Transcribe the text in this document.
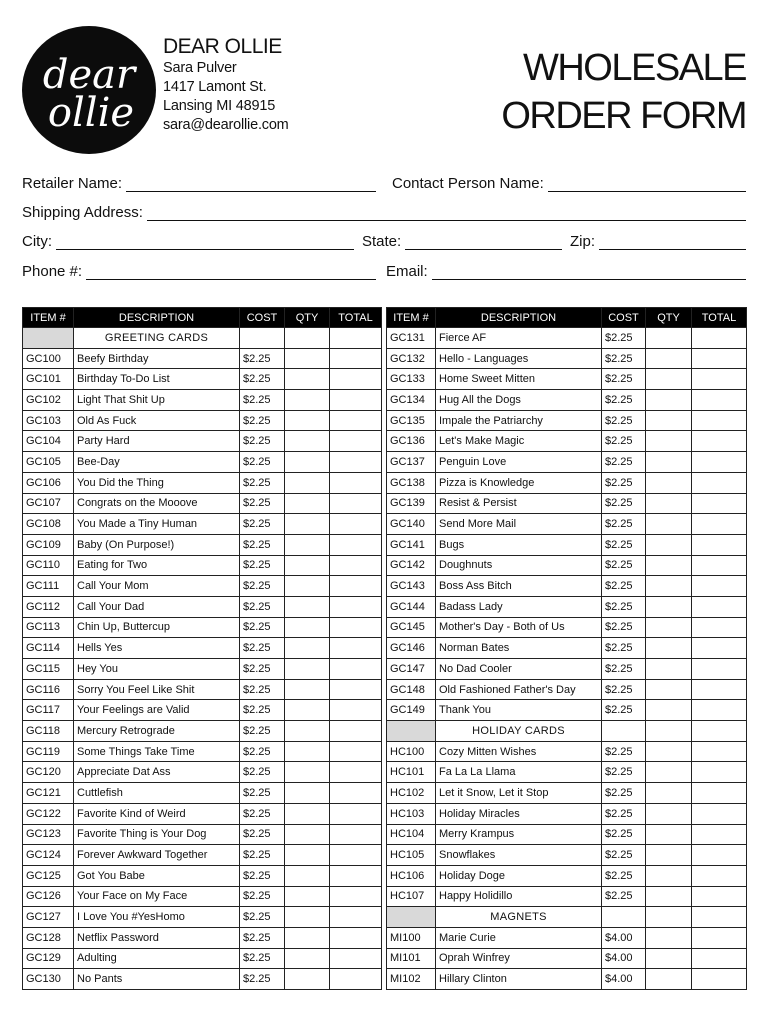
dear
ollie
DEAR OLLIE
Sara Pulver
1417 Lamont St.
Lansing MI 48915
sara@dearollie.com
WHOLESALE
ORDER FORM
Retailer Name:	Contact Person Name:
Shipping Address:
City:	State:	Zip:
Phone #:	Email:
ITEM #	DESCRIPTION	COST	QTY	TOTAL
	GREETING CARDS			
GC100	Beefy Birthday	$2.25		
GC101	Birthday To-Do List	$2.25		
GC102	Light That Shit Up	$2.25		
GC103	Old As Fuck	$2.25		
GC104	Party Hard	$2.25		
GC105	Bee-Day	$2.25		
GC106	You Did the Thing	$2.25		
GC107	Congrats on the Mooove	$2.25		
GC108	You Made a Tiny Human	$2.25		
GC109	Baby (On Purpose!)	$2.25		
GC110	Eating for Two	$2.25		
GC111	Call Your Mom	$2.25		
GC112	Call Your Dad	$2.25		
GC113	Chin Up, Buttercup	$2.25		
GC114	Hells Yes	$2.25		
GC115	Hey You	$2.25		
GC116	Sorry You Feel Like Shit	$2.25		
GC117	Your Feelings are Valid	$2.25		
GC118	Mercury Retrograde	$2.25		
GC119	Some Things Take Time	$2.25		
GC120	Appreciate Dat Ass	$2.25		
GC121	Cuttlefish	$2.25		
GC122	Favorite Kind of Weird	$2.25		
GC123	Favorite Thing is Your Dog	$2.25		
GC124	Forever Awkward Together	$2.25		
GC125	Got You Babe	$2.25		
GC126	Your Face on My Face	$2.25		
GC127	I Love You #YesHomo	$2.25		
GC128	Netflix Password	$2.25		
GC129	Adulting	$2.25		
GC130	No Pants	$2.25		
ITEM #	DESCRIPTION	COST	QTY	TOTAL
GC131	Fierce AF	$2.25		
GC132	Hello - Languages	$2.25		
GC133	Home Sweet Mitten	$2.25		
GC134	Hug All the Dogs	$2.25		
GC135	Impale the Patriarchy	$2.25		
GC136	Let's Make Magic	$2.25		
GC137	Penguin Love	$2.25		
GC138	Pizza is Knowledge	$2.25		
GC139	Resist & Persist	$2.25		
GC140	Send More Mail	$2.25		
GC141	Bugs	$2.25		
GC142	Doughnuts	$2.25		
GC143	Boss Ass Bitch	$2.25		
GC144	Badass Lady	$2.25		
GC145	Mother's Day - Both of Us	$2.25		
GC146	Norman Bates	$2.25		
GC147	No Dad Cooler	$2.25		
GC148	Old Fashioned Father's Day	$2.25		
GC149	Thank You	$2.25		
	HOLIDAY CARDS			
HC100	Cozy Mitten Wishes	$2.25		
HC101	Fa La La Llama	$2.25		
HC102	Let it Snow, Let it Stop	$2.25		
HC103	Holiday Miracles	$2.25		
HC104	Merry Krampus	$2.25		
HC105	Snowflakes	$2.25		
HC106	Holiday Doge	$2.25		
HC107	Happy Holidillo	$2.25		
	MAGNETS			
MI100	Marie Curie	$4.00		
MI101	Oprah Winfrey	$4.00		
MI102	Hillary Clinton	$4.00		
